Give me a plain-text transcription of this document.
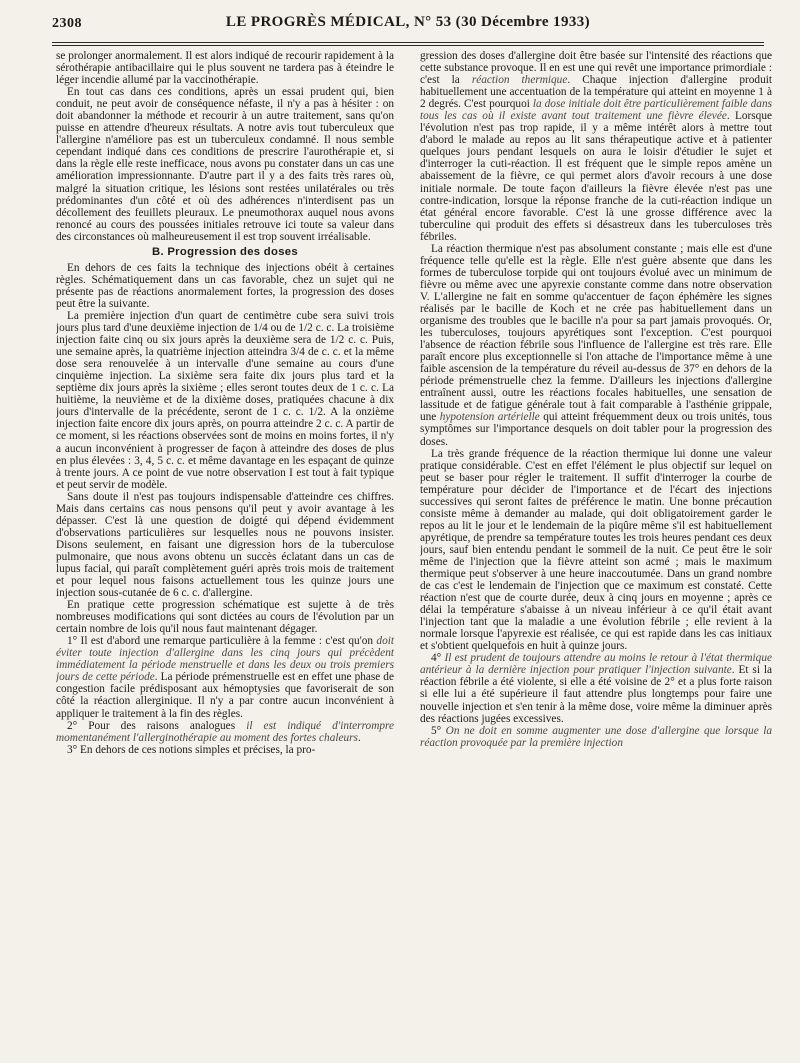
2308	LE PROGRÈS MÉDICAL, N° 53 (30 Décembre 1933)

se prolonger anormalement. Il est alors indiqué de recourir rapidement à la sérothérapie antibacillaire qui le plus souvent ne tardera pas à éteindre le léger incendie allumé par la vaccinothérapie.

En tout cas dans ces conditions, après un essai prudent qui, bien conduit, ne peut avoir de conséquence néfaste, il n'y a pas à hésiter : on doit abandonner la méthode et recourir à un autre traitement, sans qu'on puisse en attendre d'heureux résultats. A notre avis tout tuberculeux que l'allergine n'améliore pas est un tuberculeux condamné. Il nous semble cependant indiqué dans ces conditions de prescrire l'aurothérapie et, si dans la règle elle reste inefficace, nous avons pu constater dans un cas une amélioration impressionnante. D'autre part il y a des faits très rares où, malgré la situation critique, les lésions sont restées unilatérales ou très prédominantes d'un côté et où des adhérences n'interdisent pas un décollement des feuillets pleuraux. Le pneumothorax auquel nous avons renoncé au cours des poussées initiales retrouve ici toute sa valeur dans des circonstances où malheureusement il est trop souvent irréalisable.

B. Progression des doses

En dehors de ces faits la technique des injections obéit à certaines règles. Schématiquement dans un cas favorable, chez un sujet qui ne présente pas de réactions anormalement fortes, la progression des doses peut être la suivante.

La première injection d'un quart de centimètre cube sera suivi trois jours plus tard d'une deuxième injection de 1/4 ou de 1/2 c. c. La troisième injection faite cinq ou six jours après la deuxième sera de 1/2 c. c. Puis, une semaine après, la quatrième injection atteindra 3/4 de c. c. et la même dose sera renouvelée à un intervalle d'une semaine au cours d'une cinquième injection. La sixième sera faite dix jours plus tard et la septième dix jours après la sixième ; elles seront toutes deux de 1 c. c. La huitième, la neuvième et de la dixième doses, pratiquées chacune à dix jours d'intervalle de la précédente, seront de 1 c. c. 1/2. A la onzième injection faite encore dix jours après, on pourra atteindre 2 c. c. A partir de ce moment, si les réactions observées sont de moins en moins fortes, il n'y a aucun inconvénient à progresser de façon à atteindre des doses de plus en plus élevées : 3, 4, 5 c. c. et même davantage en les espaçant de quinze à trente jours. A ce point de vue notre observation I est tout à fait typique et peut servir de modèle.

Sans doute il n'est pas toujours indispensable d'atteindre ces chiffres. Mais dans certains cas nous pensons qu'il peut y avoir avantage à les dépasser. C'est là une question de doigté qui dépend évidemment d'observations particulières sur lesquelles nous ne pouvons insister. Disons seulement, en faisant une digression hors de la tuberculose pulmonaire, que nous avons obtenu un succès éclatant dans un cas de lupus facial, qui paraît complètement guéri après trois mois de traitement et pour lequel nous faisons actuellement tous les quinze jours une injection sous-cutanée de 6 c. c. d'allergine.

En pratique cette progression schématique est sujette à de très nombreuses modifications qui sont dictées au cours de l'évolution par un certain nombre de lois qu'il nous faut maintenant dégager.

1° Il est d'abord une remarque particulière à la femme : c'est qu'on doit éviter toute injection d'allergine dans les cinq jours qui précèdent immédiatement la période menstruelle et dans les deux ou trois premiers jours de cette période. La période prémenstruelle est en effet une phase de congestion facile prédisposant aux hémoptysies que favoriserait de son côté la réaction allerginique. Il n'y a par contre aucun inconvénient à appliquer le traitement à la fin des règles.

2° Pour des raisons analogues il est indiqué d'interrompre momentanément l'allerginothérapie au moment des fortes chaleurs.

3° En dehors de ces notions simples et précises, la pro-

gression des doses d'allergine doit être basée sur l'intensité des réactions que cette substance provoque. Il en est une qui revêt une importance primordiale : c'est la réaction thermique. Chaque injection d'allergine produit habituellement une accentuation de la température qui atteint en moyenne 1 à 2 degrés. C'est pourquoi la dose initiale doit être particulièrement faible dans tous les cas où il existe avant tout traitement une fièvre élevée. Lorsque l'évolution n'est pas trop rapide, il y a même intérêt alors à mettre tout d'abord le malade au repos au lit sans thérapeutique active et à patienter quelques jours pendant lesquels on aura le loisir d'étudier le sujet et d'interroger la cuti-réaction. Il est fréquent que le simple repos amène un abaissement de la fièvre, ce qui permet alors d'avoir recours à une dose initiale normale. De toute façon d'ailleurs la fièvre élevée n'est pas une contre-indication, lorsque la réponse franche de la cuti-réaction indique un état général encore favorable. C'est là une grosse différence avec la tuberculine qui produit des effets si désastreux dans les tuberculoses très fébriles.

La réaction thermique n'est pas absolument constante ; mais elle est d'une fréquence telle qu'elle est la règle. Elle n'est guère absente que dans les formes de tuberculose torpide qui ont toujours évolué avec un minimum de fièvre ou même avec une apyrexie constante comme dans notre observation V. L'allergine ne fait en somme qu'accentuer de façon éphémère les signes réalisés par le bacille de Koch et ne crée pas habituellement dans un organisme des troubles que le bacille n'a pour sa part jamais provoqués. Or, les tuberculoses, toujours apyrétiques sont l'exception. C'est pourquoi l'absence de réaction fébrile sous l'influence de l'allergine est très rare. Elle paraît encore plus exceptionnelle si l'on attache de l'importance même à une faible ascension de la température du réveil au-dessus de 37° en dehors de la période prémenstruelle chez la femme. D'ailleurs les injections d'allergine entraînent aussi, outre les réactions focales habituelles, une sensation de lassitude et de fatigue générale tout à fait comparable à l'asthénie grippale, une hypotension artérielle qui atteint fréquemment deux ou trois unités, tous symptômes sur l'importance desquels on doit tabler pour la progression des doses.

La très grande fréquence de la réaction thermique lui donne une valeur pratique considérable. C'est en effet l'élément le plus objectif sur lequel on peut se baser pour régler le traitement. Il suffit d'interroger la courbe de température pour décider de l'importance et de l'écart des injections successives qui seront faites de préférence le matin. Une bonne précaution consiste même à demander au malade, qui doit obligatoirement garder le repos au lit le jour et le lendemain de la piqûre même s'il est habituellement apyrétique, de prendre sa température toutes les trois heures pendant ces deux jours, sauf bien entendu pendant le sommeil de la nuit. Ce peut être le soir même de l'injection que la fièvre atteint son acmé ; mais le maximum thermique peut s'observer à une heure inaccoutumée. Dans un grand nombre de cas c'est le lendemain de l'injection que ce maximum est constaté. Cette réaction n'est que de courte durée, deux à cinq jours en moyenne ; après ce délai la température s'abaisse à un niveau inférieur à ce qu'il était avant l'injection tant que la maladie a une évolution fébrile ; elle revient à la normale lorsque l'apyrexie est réalisée, ce qui est rapide dans les cas initiaux et s'obtient quelquefois en huit à quinze jours.

4° Il est prudent de toujours attendre au moins le retour à l'état thermique antérieur à la dernière injection pour pratiquer l'injection suivante. Et si la réaction fébrile a été violente, si elle a été voisine de 2° et a plus forte raison si elle lui a été supérieure il faut attendre plus longtemps pour faire une nouvelle injection et s'en tenir à la même dose, voire même la diminuer après des réactions jugées excessives.

5° On ne doit en somme augmenter une dose d'allergine que lorsque la réaction provoquée par la première injection
